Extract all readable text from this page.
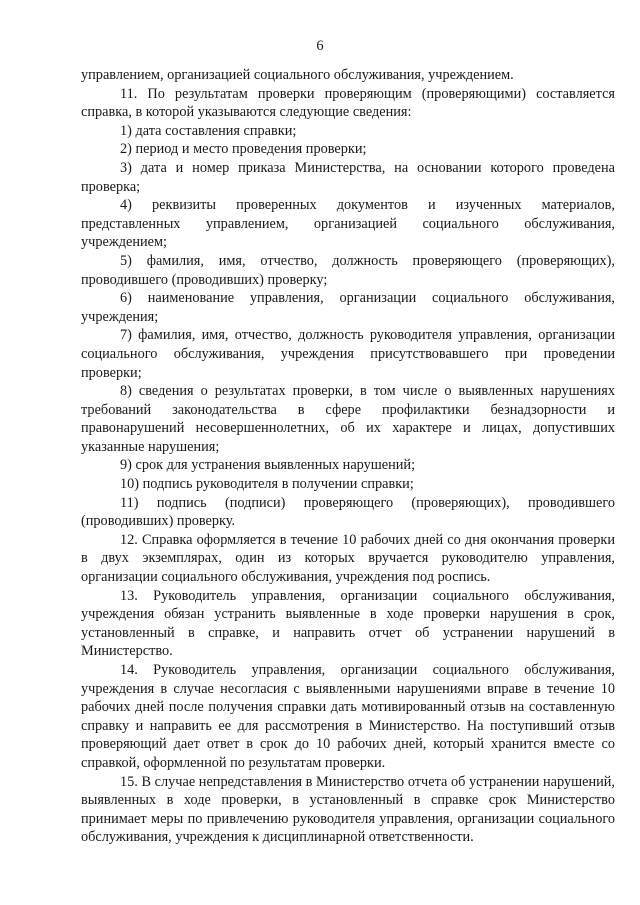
6

управлением, организацией социального обслуживания, учреждением.

11. По результатам проверки проверяющим (проверяющими) составляется справка, в которой указываются следующие сведения:

1) дата составления справки;

2) период и место проведения проверки;

3) дата и номер приказа Министерства, на основании которого проведена проверка;

4) реквизиты проверенных документов и изученных материалов, представленных управлением, организацией социального обслуживания, учреждением;

5) фамилия, имя, отчество, должность проверяющего (проверяющих), проводившего (проводивших) проверку;

6) наименование управления, организации социального обслуживания, учреждения;

7) фамилия, имя, отчество, должность руководителя управления, организации социального обслуживания, учреждения присутствовавшего при проведении проверки;

8) сведения о результатах проверки, в том числе о выявленных нарушениях требований законодательства в сфере профилактики безнадзорности и правонарушений несовершеннолетних, об их характере и лицах, допустивших указанные нарушения;

9) срок для устранения выявленных нарушений;

10) подпись руководителя в получении справки;

11) подпись (подписи) проверяющего (проверяющих), проводившего (проводивших) проверку.

12. Справка оформляется в течение 10 рабочих дней со дня окончания проверки в двух экземплярах, один из которых вручается руководителю управления, организации социального обслуживания, учреждения под роспись.

13. Руководитель управления, организации социального обслуживания, учреждения обязан устранить выявленные в ходе проверки нарушения в срок, установленный в справке, и направить отчет об устранении нарушений в Министерство.

14. Руководитель управления, организации социального обслуживания, учреждения в случае несогласия с выявленными нарушениями вправе в течение 10 рабочих дней после получения справки дать мотивированный отзыв на составленную справку и направить ее для рассмотрения в Министерство. На поступивший отзыв проверяющий дает ответ в срок до 10 рабочих дней, который хранится вместе со справкой, оформленной по результатам проверки.

15. В случае непредставления в Министерство отчета об устранении нарушений, выявленных в ходе проверки, в установленный в справке срок Министерство принимает меры по привлечению руководителя управления, организации социального обслуживания, учреждения к дисциплинарной ответственности.
